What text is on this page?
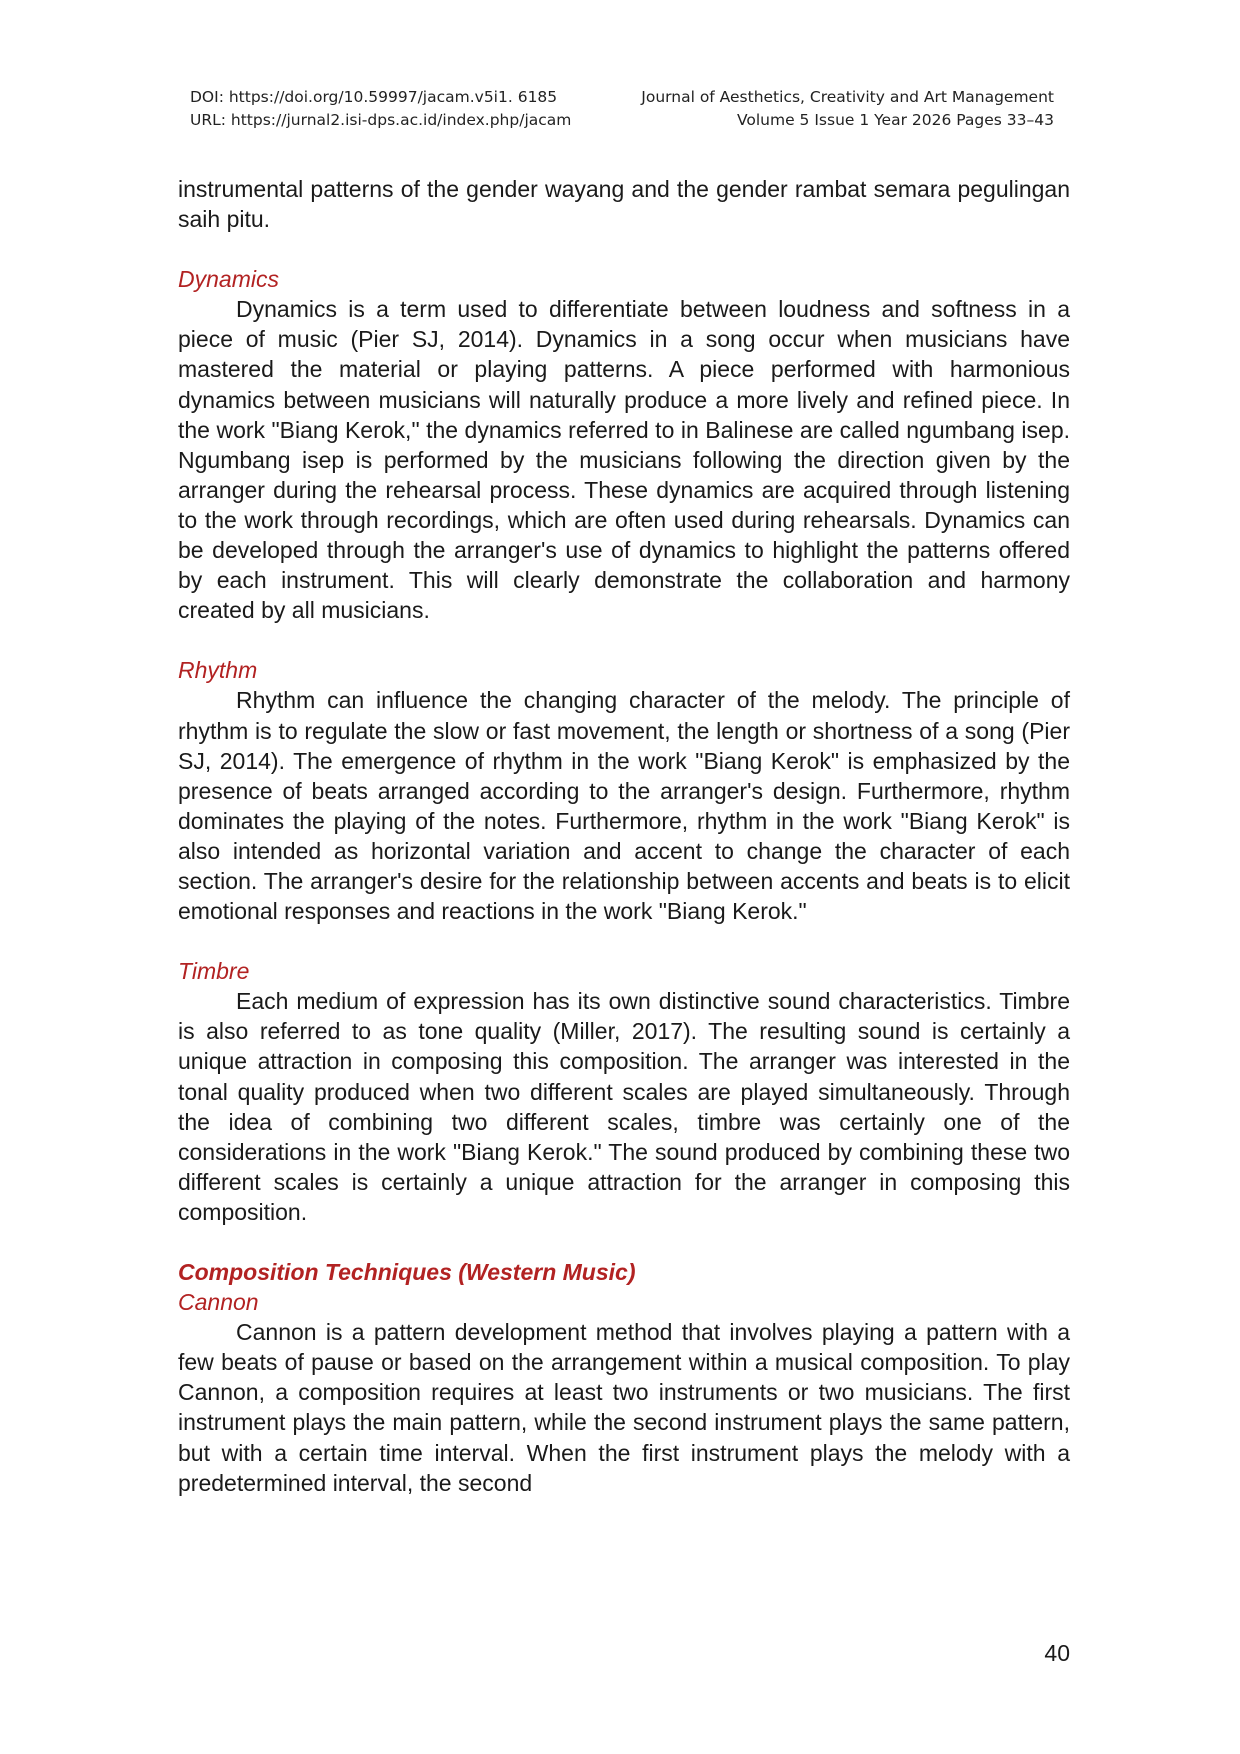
DOI: https://doi.org/10.59997/jacam.v5i1. 6185
URL: https://jurnal2.isi-dps.ac.id/index.php/jacam
Journal of Aesthetics, Creativity and Art Management
Volume 5 Issue 1 Year 2026 Pages 33–43

instrumental patterns of the gender wayang and the gender rambat semara pegulingan saih pitu.

Dynamics

Dynamics is a term used to differentiate between loudness and softness in a piece of music (Pier SJ, 2014). Dynamics in a song occur when musicians have mastered the material or playing patterns. A piece performed with harmonious dynamics between musicians will naturally produce a more lively and refined piece. In the work "Biang Kerok," the dynamics referred to in Balinese are called ngumbang isep. Ngumbang isep is performed by the musicians following the direction given by the arranger during the rehearsal process. These dynamics are acquired through listening to the work through recordings, which are often used during rehearsals. Dynamics can be developed through the arranger's use of dynamics to highlight the patterns offered by each instrument. This will clearly demonstrate the collaboration and harmony created by all musicians.

Rhythm

Rhythm can influence the changing character of the melody. The principle of rhythm is to regulate the slow or fast movement, the length or shortness of a song (Pier SJ, 2014). The emergence of rhythm in the work "Biang Kerok" is emphasized by the presence of beats arranged according to the arranger's design. Furthermore, rhythm dominates the playing of the notes. Furthermore, rhythm in the work "Biang Kerok" is also intended as horizontal variation and accent to change the character of each section. The arranger's desire for the relationship between accents and beats is to elicit emotional responses and reactions in the work "Biang Kerok."

Timbre

Each medium of expression has its own distinctive sound characteristics. Timbre is also referred to as tone quality (Miller, 2017). The resulting sound is certainly a unique attraction in composing this composition. The arranger was interested in the tonal quality produced when two different scales are played simultaneously. Through the idea of combining two different scales, timbre was certainly one of the considerations in the work "Biang Kerok." The sound produced by combining these two different scales is certainly a unique attraction for the arranger in composing this composition.

Composition Techniques (Western Music)

Cannon

Cannon is a pattern development method that involves playing a pattern with a few beats of pause or based on the arrangement within a musical composition. To play Cannon, a composition requires at least two instruments or two musicians. The first instrument plays the main pattern, while the second instrument plays the same pattern, but with a certain time interval. When the first instrument plays the melody with a predetermined interval, the second

40
